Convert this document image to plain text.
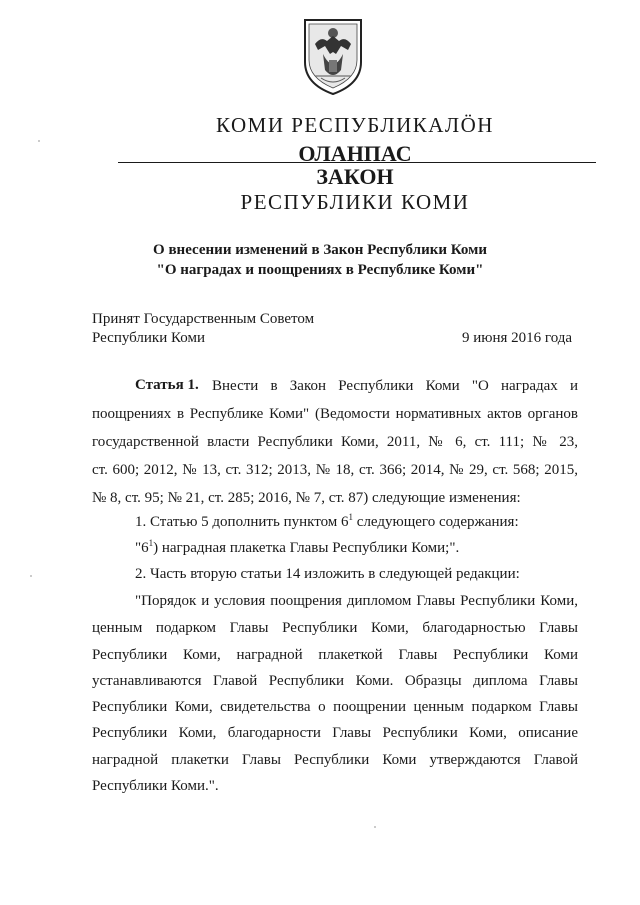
КОМИ РЕСПУБЛИКАЛӦН
ОЛАНПАС
ЗАКОН
РЕСПУБЛИКИ КОМИ
О внесении изменений в Закон Республики Коми
"О наградах и поощрениях в Республике Коми"
Принят Государственным Советом
Республики Коми	9 июня 2016 года
Статья 1. Внести в Закон Республики Коми "О наградах и
поощрениях в Республике Коми" (Ведомости нормативных актов органов
государственной власти Республики Коми, 2011, № 6, ст. 111; № 23,
ст. 600; 2012, № 13, ст. 312; 2013, № 18, ст. 366; 2014, № 29, ст. 568; 2015,
№ 8, ст. 95; № 21, ст. 285; 2016, № 7, ст. 87) следующие изменения:
1. Статью 5 дополнить пунктом $6^1$ следующего содержания:
"$6^1$) наградная плакетка Главы Республики Коми;".
2. Часть вторую статьи 14 изложить в следующей редакции:
"Порядок и условия поощрения дипломом Главы Республики Коми,
ценным подарком Главы Республики Коми, благодарностью Главы
Республики Коми, наградной плакеткой Главы Республики Коми
устанавливаются Главой Республики Коми. Образцы диплома Главы
Республики Коми, свидетельства о поощрении ценным подарком Главы
Республики Коми, благодарности Главы Республики Коми, описание
наградной плакетки Главы Республики Коми утверждаются Главой
Республики Коми.".
